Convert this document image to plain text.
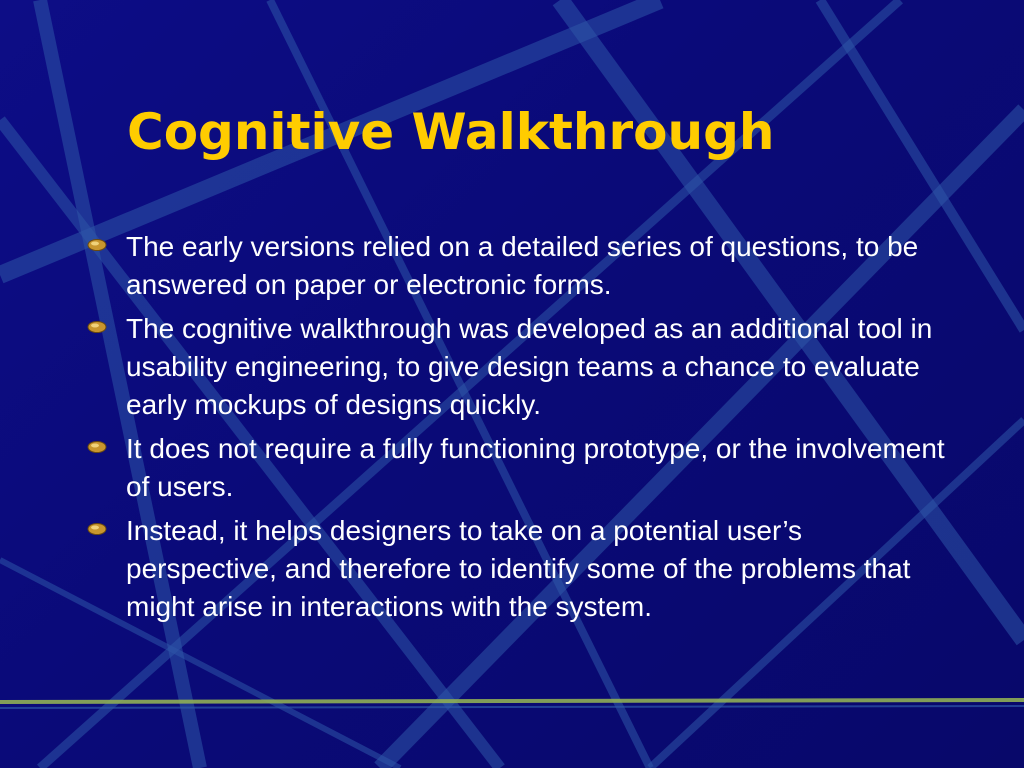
Cognitive Walkthrough
The early versions relied on a detailed series of questions, to be answered on paper or electronic forms.
The cognitive walkthrough was developed as an additional tool in usability engineering, to give design teams a chance to evaluate early mockups of designs quickly.
It does not require a fully functioning prototype, or the involvement of users.
Instead, it helps designers to take on a potential user’s perspective, and therefore to identify some of the problems that might arise in interactions with the system.
